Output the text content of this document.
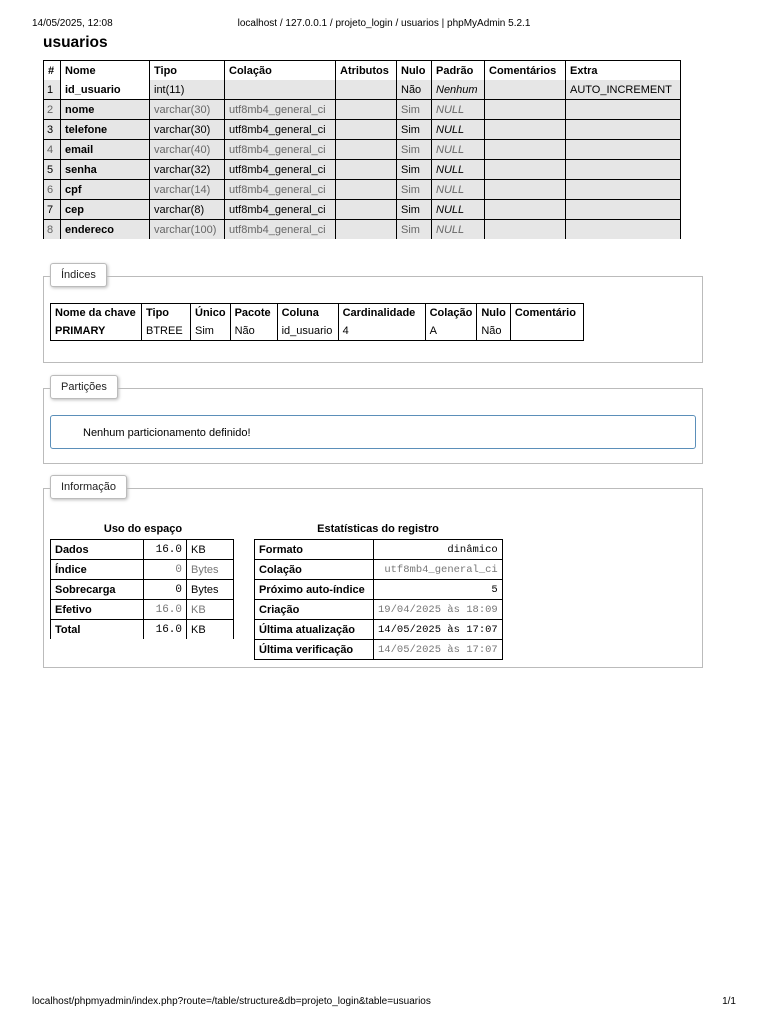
14/05/2025, 12:08	localhost / 127.0.0.1 / projeto_login / usuarios | phpMyAdmin 5.2.1
usuarios
#	Nome	Tipo	Colação	Atributos	Nulo	Padrão	Comentários	Extra
1	id_usuario	int(11)			Não	Nenhum		AUTO_INCREMENT
2	nome	varchar(30)	utf8mb4_general_ci		Sim	NULL		
3	telefone	varchar(30)	utf8mb4_general_ci		Sim	NULL		
4	email	varchar(40)	utf8mb4_general_ci		Sim	NULL		
5	senha	varchar(32)	utf8mb4_general_ci		Sim	NULL		
6	cpf	varchar(14)	utf8mb4_general_ci		Sim	NULL		
7	cep	varchar(8)	utf8mb4_general_ci		Sim	NULL		
8	endereco	varchar(100)	utf8mb4_general_ci		Sim	NULL		
Índices
Nome da chave	Tipo	Único	Pacote	Coluna	Cardinalidade	Colação	Nulo	Comentário
PRIMARY	BTREE	Sim	Não	id_usuario	4	A	Não	
Partições
Nenhum particionamento definido!
Informação
Uso do espaço
Dados	16.0	KB
Índice	0	Bytes
Sobrecarga	0	Bytes
Efetivo	16.0	KB
Total	16.0	KB
Estatísticas do registro
Formato	dinâmico
Colação	utf8mb4_general_ci
Próximo auto-índice	5
Criação	19/04/2025 às 18:09
Última atualização	14/05/2025 às 17:07
Última verificação	14/05/2025 às 17:07
localhost/phpmyadmin/index.php?route=/table/structure&db=projeto_login&table=usuarios	1/1
